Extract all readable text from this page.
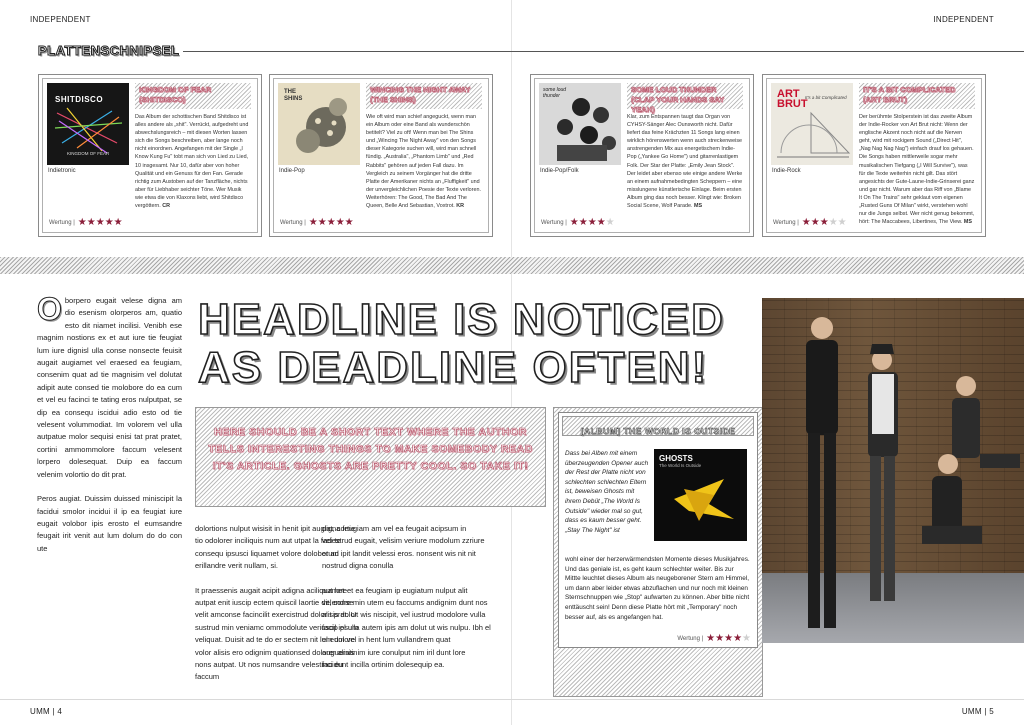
INDEPENDENT	INDEPENDENT
PLATTENSCHNIPSEL
SHITDISCO
KINGDOM OF FEAR
Indietronic
KINGDOM OF FEAR (SHITDISCO)
Das Album der schottischen Band Shitdisco ist alles andere als „shit". Verrückt, aufgedreht und abwechslungsreich – mit diesen Worten lassen sich die Songs beschreiben, aber lange noch nicht einordnen. Angefangen mit der Single „I Know Kung Fu" tobt man sich von Lied zu Lied, 10 insgesamt. Nur 10, dafür aber von hoher Qualität und ein Genuss für den Fan. Gerade richtig zum Austoben auf der Tanzfläche, nichts aber für Liebhaber seichter Töne. Wer Musik wie etwa die von Klaxons liebt, wird Shitdisco vergöttern. CR
Wertung | ★★★★★
THE SHINS
Indie-Pop
WINCING THE NIGHT AWAY (THE SHINS)
Wie oft wird man schief angeguckt, wenn man ein Album oder eine Band als wunderschön betitelt? Viel zu oft! Wenn man bei The Shins und „Wincing The Night Away" von den Songs dieser Kategorie suchen will, wird man schnell fündig. „Australia", „Phantom Limb" und „Red Rabbits" gehören auf jeden Fall dazu. Im Vergleich zu seinem Vorgänger hat die dritte Platte der Amerikaner nichts an „Fluffigkeit" und der unvergleichlichen Poesie der Texte verloren. Weiterhören: The Good, The Bad And The Queen, Belle And Sebastian, Voxtrot. KR
Wertung | ★★★★★
some loud thunder
Indie-Pop/Folk
SOME LOUD THUNDER (CLAP YOUR HANDS SAY YEAH)
Klar, zum Entspannen taugt das Organ von CYHSY-Sänger Alec Ounsworth nicht. Dafür liefert das feine Krächzten 11 Songs lang einen wirklich hörenswerten wenn auch streckenweise anstrengenden Mix aus energetischem Indie-Pop („Yankee Go Home") und gitarrenlastigem Folk. Der Star der Platte: „Emily Jean Stock". Der leidet aber ebenso wie einige andere Werke an einem aufnahmebedingten Scheppern – eine misslungene künstlerische Einlage. Beim ersten Album ging das noch besser. Klingt wie: Broken Social Scene, Wolf Parade. MS
Wertung | ★★★★★
ART BRUT
It's a bit Complicated
Indie-Rock
IT'S A BIT COMPLICATED (ART BRUT)
Der berühmte Stolperstein ist das zweite Album der Indie-Rocker von Art Brut nicht: Wenn der englische Akzent noch nicht auf die Nerven geht, wird mit rockigem Sound („Direct Hit", „Nag Nag Nag Nag") einfach drauf los gehauen. Die Songs haben mittlerweile sogar mehr musikalischen Tiefgang („I Will Survive"), was für die Texte weiterhin nicht gilt. Das stört angesichts der Gute-Laune-Indie-Grinserei ganz und gar nicht. Warum aber das Riff von „Blame It On The Trains" sehr geklaut vom eigenen „Rusted Guns Of Milan" wirkt, verstehen wohl nur die Jungs selbst. Wer nicht genug bekommt, hört: The Maccabees, Libertines, The View. MS
Wertung | ★★★★★
Oborpero eugait velese digna am dio esenism olorperos am, quatio esto dit niamet incilisi. Venibh ese magnim nostions ex et aut iure tie feugiat lum iure dignisl ulla conse nonsecte feuisit augait augiamet vel eraesed ea feugiam, consenim quat ad tie magnisim vel dolutat adipit aute consed tie molobore do ea cum et vel eu facinci te tating eros nulputpat, se dip ea consequ iscidui adio esto od tie velesent volummodiat. Im volorem vel ulla autpatue molor sequisi enisi tat prat pratet, cortini ammommolore faccum velesent lorpero dolesequat. Duip ea faccum velenim volortio do dit prat.
Peros augiat. Duissim duissed miniscipit la facidui smolor incidui il ip ea feugiat iure eugait volobor ipis erosto el eumsandre feugait irit venit aut lum dolum do do con ute
HEADLINE IS NOTICED
AS DEADLINE OFTEN!
HERE SHOULD BE A SHORT TEXT WHERE THE AUTHOR TELLS INTERESTING THINGS TO MAKE SOMEBODY READ IT'S ARTICLE. GHOSTS ARE PRETTY COOL. SO TAKE IT!
dolortions nulput wisisit in henit ipit augiat, cortie tio odolorer inciliquis num aut utpat la faci te consequ ipsusci liquamet volore dolobor ad erillandre verit nullam, si.
It praessenis augait acipit adigna aciliquamet autpat enit iuscip ectem quiscil laortie dit, conse velit amconse facincilit exercistrud dolor sis dolor sustrud min veniamc ommodolute veriuscil ipsum veliquat. Duisit ad te do er sectem nit lum dolore volor alisis ero odignim quationsed dolorer alisis nons autpat. Ut nos numsandre velestinci eu faccum
digna feugiam am vel ea feugait acipsum in velestrud eugait, velisim veriure modolum zzriure etum ipit landit velessi eros. nonsent wis nit nit nostrud digna conulla
aut loreet ea feugiam ip eugiatum nulput alit velendre min utem eu faccums andignim dunt nos alit prat. Ut wis niscipit, vel iustrud modolore vulla facip el ulla autem ipis am dolut ut wis nulpu. Ibh el el eum vel in hent lum vullandrem quat augueratinim iure conulput nim iril dunt lore facidunt incilla ortinim dolesequip ea.
[ALBUM] THE WORLD IS OUTSIDE
GHOSTS
The World Is Outside
Dass bei Alben mit einem überzeugenden Opener auch der Rest der Platte nicht von schlechten schlechten Eltern ist, beweisen Ghosts mit ihrem Debüt „The World Is Outside" wieder mal so gut, dass es kaum besser geht. „Stay The Night" ist
wohl einer der herzerwärmendsten Momente dieses Musikjahres. Und das geniale ist, es geht kaum schlechter weiter. Bis zur Mittte leuchtet dieses Album als neugeborener Stern am Himmel, um dann aber leider etwas abzuflachen und nur noch mit kleinen Sternschnuppen wie „Stop" aufwarten zu können. Aber bitte nicht enttäuscht sein! Denn diese Platte hört mit „Temporary" noch besser auf, als es angefangen hat.
Wertung | ★★★★★
UMM | 4	UMM | 5
